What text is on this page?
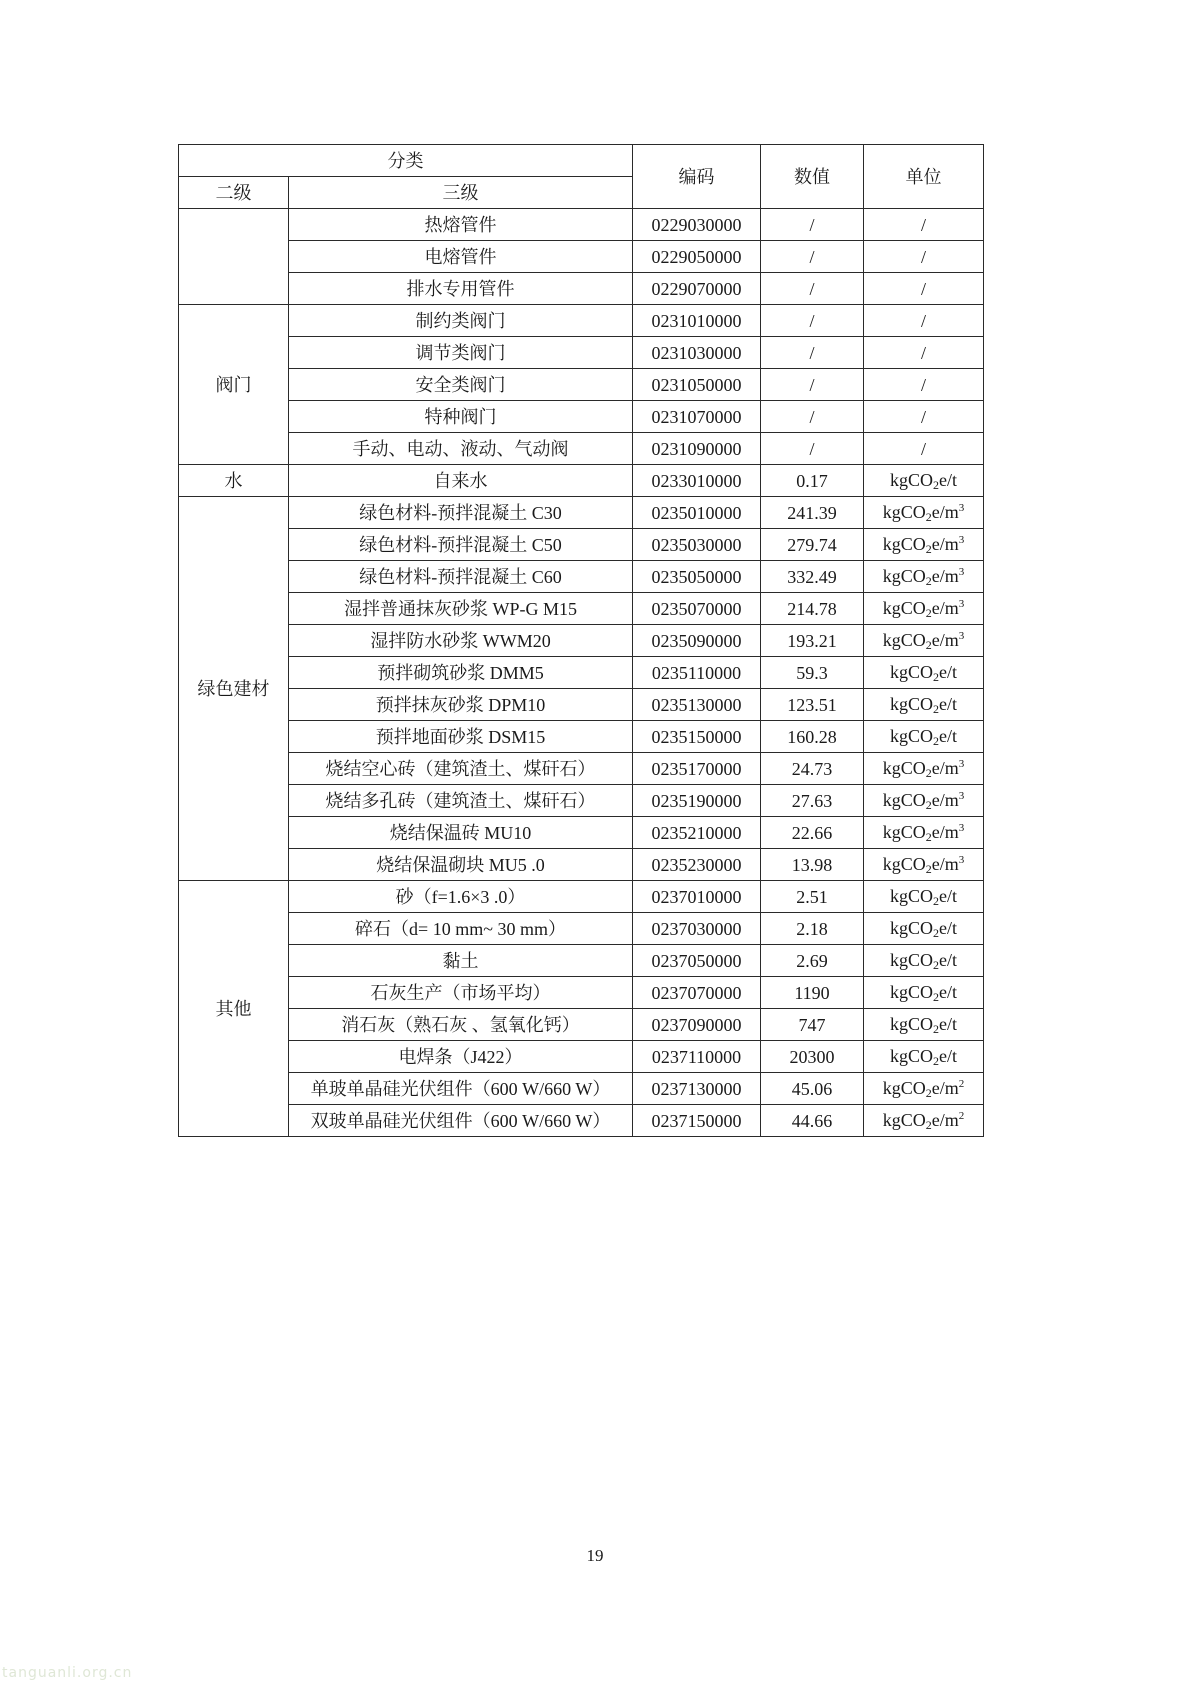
分类		编码	数值	单位
二级	三级			
	热熔管件	0229030000	/	/
	电熔管件	0229050000	/	/
	排水专用管件	0229070000	/	/
阀门	制约类阀门	0231010000	/	/
	调节类阀门	0231030000	/	/
	安全类阀门	0231050000	/	/
	特种阀门	0231070000	/	/
	手动、电动、液动、气动阀	0231090000	/	/
水	自来水	0233010000	0.17	kgCO$_2$e/t
绿色建材	绿色材料-预拌混凝土 C30	0235010000	241.39	$kgCO_2e/m^3$
	绿色材料-预拌混凝土 C50	0235030000	279.74	$kgCO_2e/m^3$
	绿色材料-预拌混凝土 C60	0235050000	332.49	$kgCO_2e/m^3$
	湿拌普通抹灰砂浆 WP-G M15	0235070000	214.78	$kgCO_2e/m^3$
	湿拌防水砂浆 WWM20	0235090000	193.21	$kgCO_2e/m^3$
	预拌砌筑砂浆 DMM5	0235110000	59.3	kgCO$_2$e/t
	预拌抹灰砂浆 DPM10	0235130000	123.51	kgCO$_2$e/t
	预拌地面砂浆 DSM15	0235150000	160.28	kgCO$_2$e/t
	烧结空心砖（建筑渣土、煤矸石）	0235170000	24.73	$kgCO_2e/m^3$
	烧结多孔砖（建筑渣土、煤矸石）	0235190000	27.63	$kgCO_2e/m^3$
	烧结保温砖 MU10	0235210000	22.66	$kgCO_2e/m^3$
	烧结保温砌块 MU5 .0	0235230000	13.98	$kgCO_2e/m^3$
其他	砂（f=1.6×3 .0）	0237010000	2.51	kgCO$_2$e/t
	碎石（d= 10 mm~ 30 mm）	0237030000	2.18	kgCO$_2$e/t
	黏土	0237050000	2.69	kgCO$_2$e/t
	石灰生产（市场平均）	0237070000	1190	kgCO$_2$e/t
	消石灰（熟石灰 、氢氧化钙）	0237090000	747	kgCO$_2$e/t
	电焊条（J422）	0237110000	20300	kgCO$_2$e/t
	单玻单晶硅光伏组件（600 W/660 W）	0237130000	45.06	$kgCO_2e/m^2$
	双玻单晶硅光伏组件（600 W/660 W）	0237150000	44.66	$kgCO_2e/m^2$
19
tanguanli.org.cn
